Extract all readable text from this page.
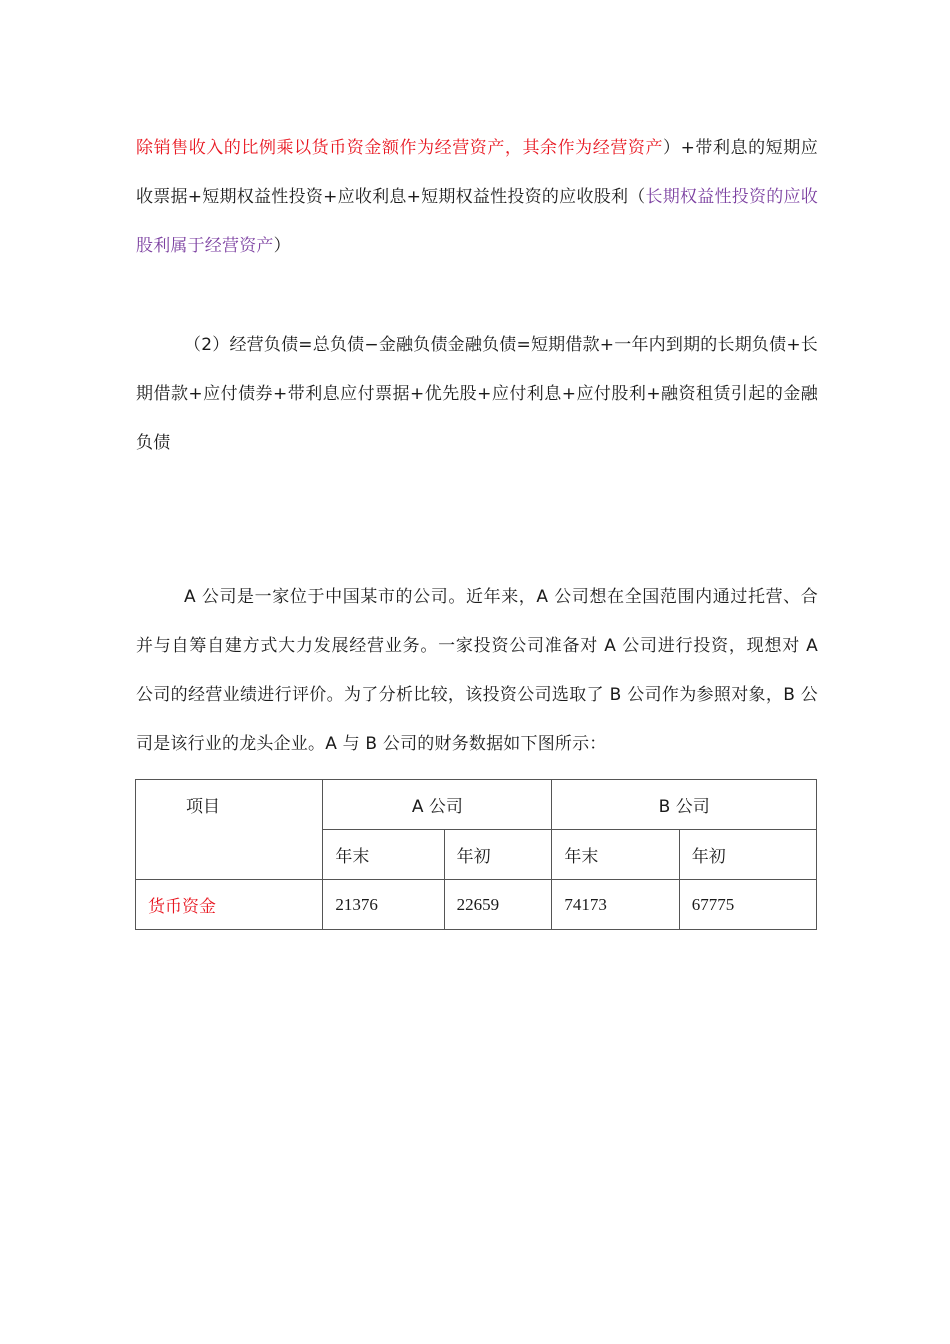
除销售收入的比例乘以货币资金额作为经营资产，其余作为经营资产）+带利息的短期应收票据+短期权益性投资+应收利息+短期权益性投资的应收股利（长期权益性投资的应收股利属于经营资产）

（2）经营负债=总负债−金融负债金融负债=短期借款+一年内到期的长期负债+长期借款+应付债券+带利息应付票据+优先股+应付利息+应付股利+融资租赁引起的金融负债

A 公司是一家位于中国某市的公司。近年来，A 公司想在全国范围内通过托营、合并与自筹自建方式大力发展经营业务。一家投资公司准备对 A 公司进行投资，现想对 A 公司的经营业绩进行评价。为了分析比较，该投资公司选取了 B 公司作为参照对象，B 公司是该行业的龙头企业。A 与 B 公司的财务数据如下图所示：

项目	A 公司		B 公司	
	年末	年初	年末	年初
货币资金	21376	22659	74173	67775
